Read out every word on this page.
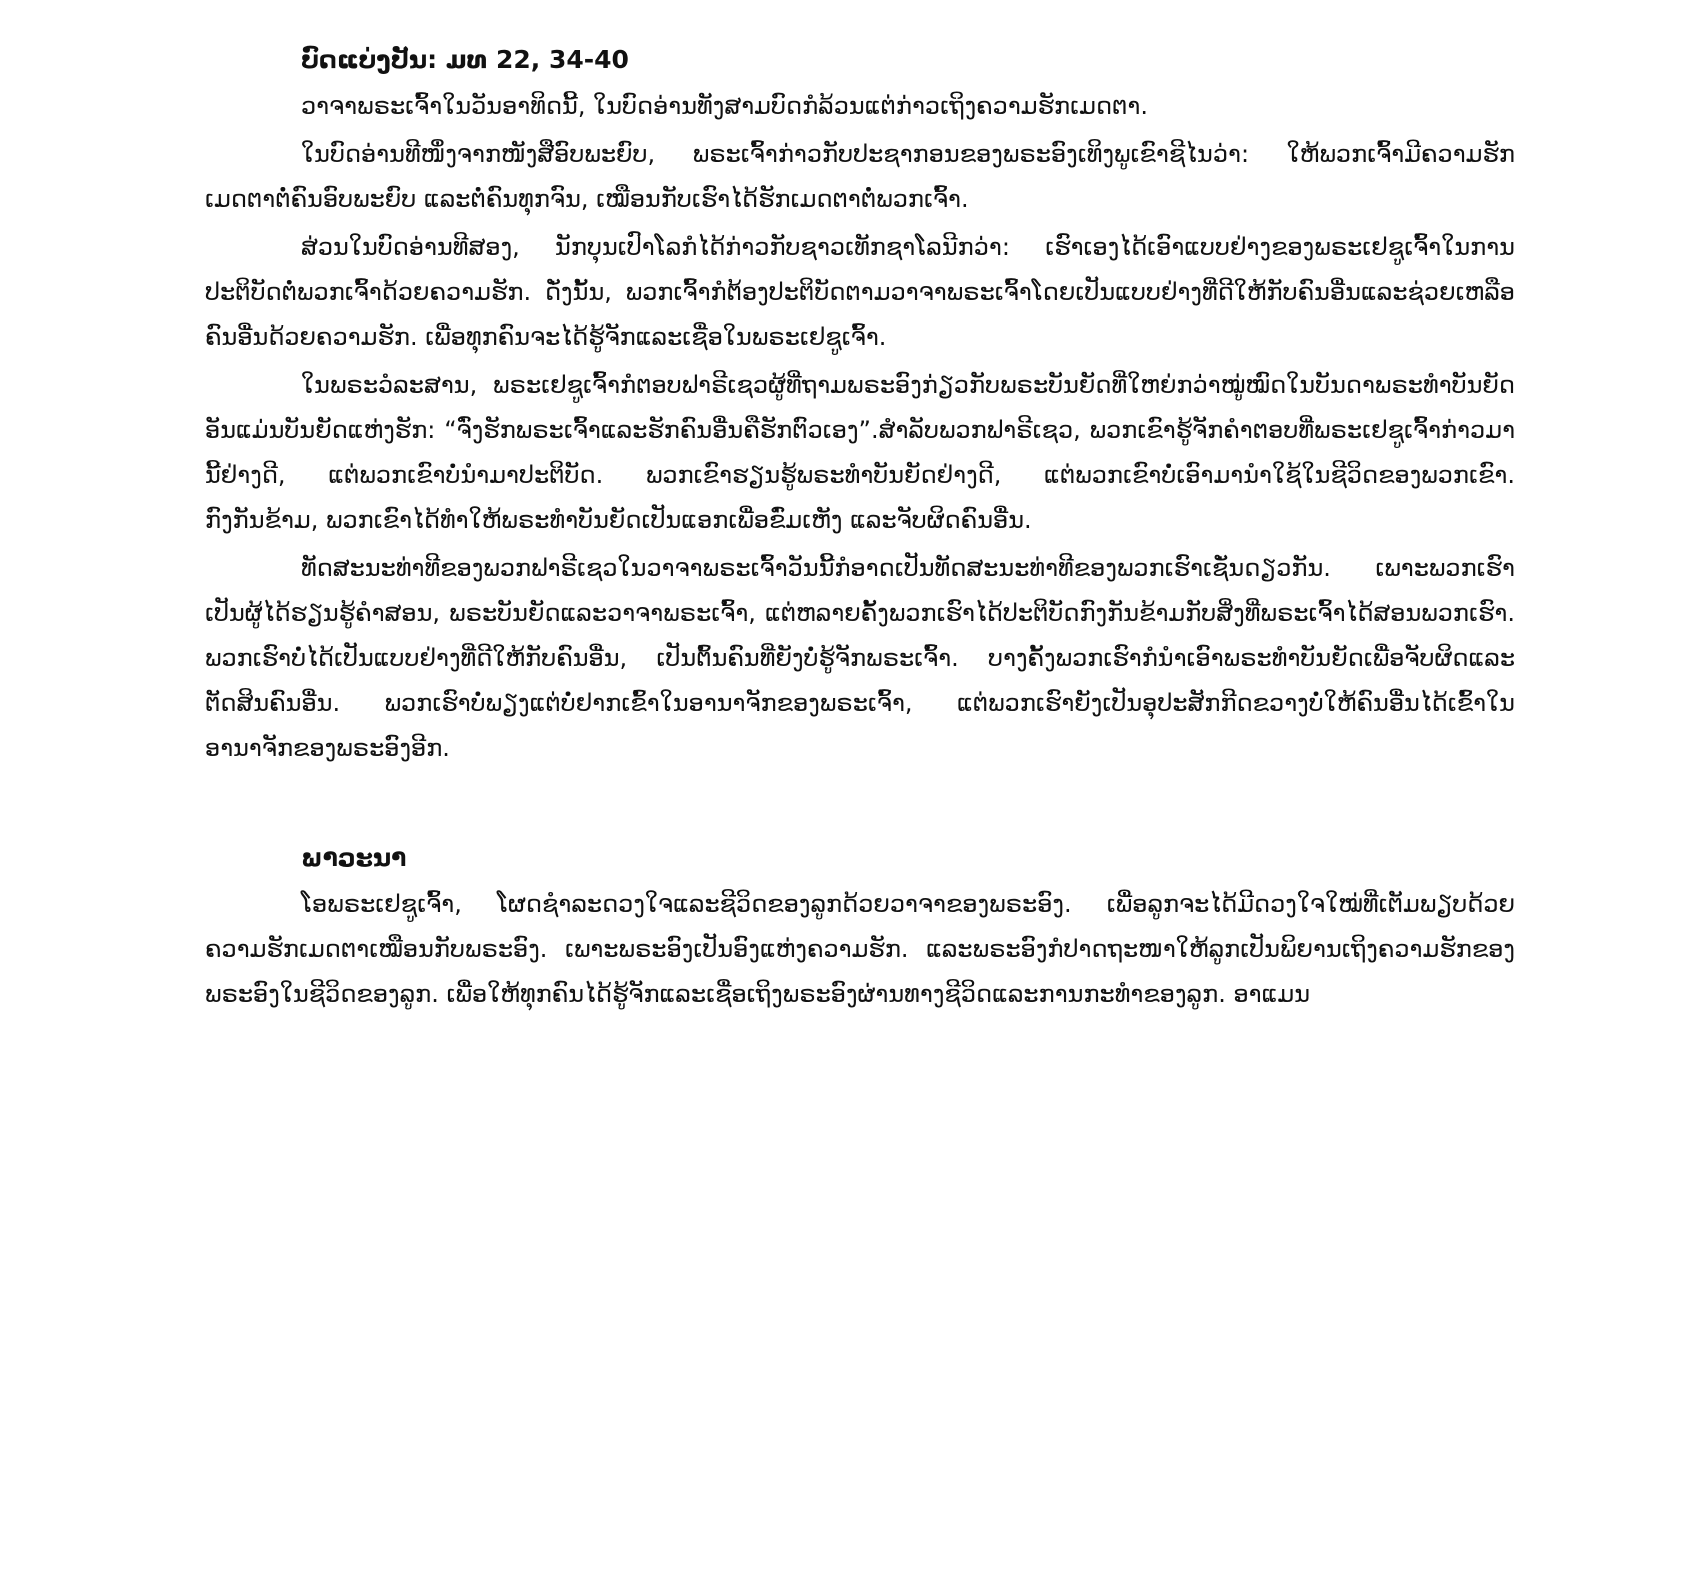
ບົດແບ່ງປັນ: ມທ 22, 34-40

ວາຈາພຣະເຈົ້າໃນວັນອາທິດນີ້, ໃນບົດອ່ານທັງສາມບົດກໍລ້ວນແຕ່ກ່າວເຖິງຄວາມຮັກເມດຕາ.

ໃນບົດອ່ານທີໜຶ່ງຈາກໜັງສືອົບພະຍົບ, ພຣະເຈົ້າກ່າວກັບປະຊາກອນຂອງພຣະອົງເທິງພູເຂົາຊີໄນວ່າ: ໃຫ້ພວກເຈົ້າມີຄວາມຮັກເມດຕາຕໍ່ຄົນອົບພະຍົບ ແລະຕໍ່ຄົນທຸກຈົນ, ເໝືອນກັບເຮົາໄດ້ຮັກເມດຕາຕໍ່ພວກເຈົ້າ.

ສ່ວນໃນບົດອ່ານທີສອງ, ນັກບຸນເປົາໂລກໍໄດ້ກ່າວກັບຊາວເທັກຊາໂລນີກວ່າ: ເຮົາເອງໄດ້ເອົາແບບຢ່າງຂອງພຣະເຢຊູເຈົ້າໃນການປະຕິບັດຕໍ່ພວກເຈົ້າດ້ວຍຄວາມຮັກ. ດັ່ງນັ້ນ, ພວກເຈົ້າກໍຕ້ອງປະຕິບັດຕາມວາຈາພຣະເຈົ້າໂດຍເປັນແບບຢ່າງທີ່ດີໃຫ້ກັບຄົນອື່ນແລະຊ່ວຍເຫລືອຄົນອື່ນດ້ວຍຄວາມຮັກ. ເພື່ອທຸກຄົນຈະໄດ້ຮູ້ຈັກແລະເຊື່ອໃນພຣະເຢຊູເຈົ້າ.

ໃນພຣະວໍລະສານ, ພຣະເຢຊູເຈົ້າກໍຕອບຟາຣີເຊວຜູ້ທີ່ຖາມພຣະອົງກ່ຽວກັບພຣະບັນຍັດທີ່ໃຫຍ່ກວ່າໝູ່ໝົດໃນບັນດາພຣະທຳບັນຍັດອັນແມ່ນບັນຍັດແຫ່ງຮັກ: “ຈົ່ງຮັກພຣະເຈົ້າແລະຮັກຄົນອື່ນຄືຮັກຕົວເອງ”.ສຳລັບພວກຟາຣີເຊວ, ພວກເຂົາຮູ້ຈັກຄຳຕອບທີ່ພຣະເຢຊູເຈົ້າກ່າວມານີ້ຢ່າງດີ, ແຕ່ພວກເຂົາບໍ່ນຳມາປະຕິບັດ. ພວກເຂົາຮຽນຮູ້ພຣະທຳບັນຍັດຢ່າງດີ, ແຕ່ພວກເຂົາບໍ່ເອົາມານຳໃຊ້ໃນຊີວິດຂອງພວກເຂົາ. ກົງກັນຂ້າມ, ພວກເຂົາໄດ້ທຳໃຫ້ພຣະທຳບັນຍັດເປັນແອກເພື່ອຂົ່ມເຫັງ ແລະຈັບຜິດຄົນອື່ນ.

ທັດສະນະທ່າທີຂອງພວກຟາຣີເຊວໃນວາຈາພຣະເຈົ້າວັນນີ້ກໍອາດເປັນທັດສະນະທ່າທີຂອງພວກເຮົາເຊັ່ນດຽວກັນ. ເພາະພວກເຮົາເປັນຜູ້ໄດ້ຮຽນຮູ້ຄຳສອນ, ພຣະບັນຍັດແລະວາຈາພຣະເຈົ້າ, ແຕ່ຫລາຍຄັ້ງພວກເຮົາໄດ້ປະຕິບັດກົງກັນຂ້າມກັບສິ່ງທີ່ພຣະເຈົ້າໄດ້ສອນພວກເຮົາ. ພວກເຮົາບໍ່ໄດ້ເປັນແບບຢ່າງທີ່ດີໃຫ້ກັບຄົນອື່ນ, ເປັນຕົ້ນຄົນທີ່ຍັງບໍ່ຮູ້ຈັກພຣະເຈົ້າ. ບາງຄັ້ງພວກເຮົາກໍນຳເອົາພຣະທຳບັນຍັດເພື່ອຈັບຜິດແລະຕັດສິນຄົນອື່ນ. ພວກເຮົາບໍ່ພຽງແຕ່ບໍ່ຢາກເຂົ້າໃນອານາຈັກຂອງພຣະເຈົ້າ, ແຕ່ພວກເຮົາຍັງເປັນອຸປະສັກກີດຂວາງບໍ່ໃຫ້ຄົນອື່ນໄດ້ເຂົ້າໃນອານາຈັກຂອງພຣະອົງອີກ.

ພາວະນາ

ໂອພຣະເຢຊູເຈົ້າ, ໂຜດຊຳລະດວງໃຈແລະຊີວິດຂອງລູກດ້ວຍວາຈາຂອງພຣະອົງ. ເພື່ອລູກຈະໄດ້ມີດວງໃຈໃໝ່ທີ່ເຕັມພຽບດ້ວຍຄວາມຮັກເມດຕາເໝືອນກັບພຣະອົງ. ເພາະພຣະອົງເປັນອົງແຫ່ງຄວາມຮັກ. ແລະພຣະອົງກໍປາດຖະໜາໃຫ້ລູກເປັນພິຍານເຖິງຄວາມຮັກຂອງພຣະອົງໃນຊີວິດຂອງລູກ. ເພື່ອໃຫ້ທຸກຄົນໄດ້ຮູ້ຈັກແລະເຊື່ອເຖິງພຣະອົງຜ່ານທາງຊີວິດແລະການກະທຳຂອງລູກ. ອາແມນ
